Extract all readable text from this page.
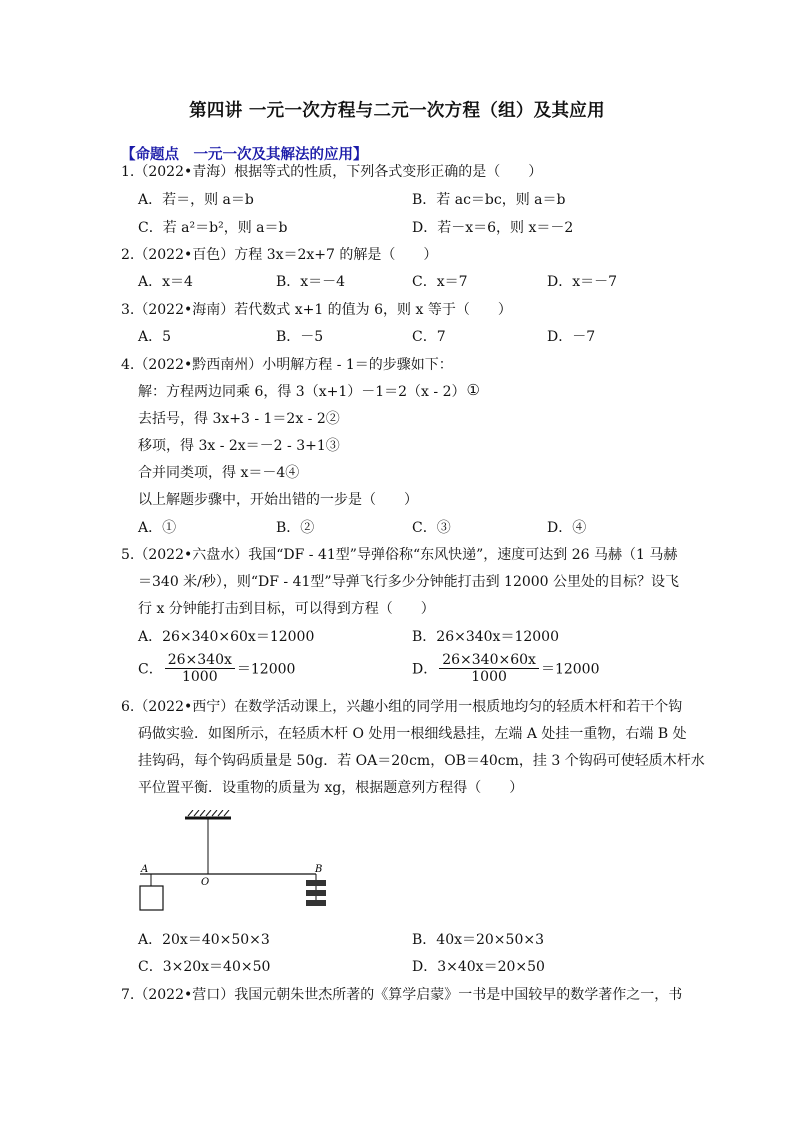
第四讲 一元一次方程与二元一次方程（组）及其应用
【命题点　一元一次及其解法的应用】
1.（2022•青海）根据等式的性质，下列各式变形正确的是（　　）
A．若＝，则 a＝b	B．若 ac＝bc，则 a＝b
C．若 a²＝b²，则 a＝b	D．若－x＝6，则 x＝－2
2.（2022•百色）方程 3x＝2x+7 的解是（　　）
A．x＝4	B．x＝－4	C．x＝7	D．x＝－7
3.（2022•海南）若代数式 x+1 的值为 6，则 x 等于（　　）
A．5	B．－5	C．7	D．－7
4.（2022•黔西南州）小明解方程 - 1＝的步骤如下：
解：方程两边同乘 6，得 3（x+1）－1＝2（x - 2）①
去括号，得 3x+3 - 1＝2x - 2②
移项，得 3x - 2x＝－2 - 3+1③
合并同类项，得 x＝－4④
以上解题步骤中，开始出错的一步是（　　）
A．①	B．②	C．③	D．④
5.（2022•六盘水）我国“DF - 41型”导弹俗称“东风快递”，速度可达到 26 马赫（1 马赫
＝340 米/秒），则“DF - 41型”导弹飞行多少分钟能打击到 12000 公里处的目标？设飞
行 x 分钟能打击到目标，可以得到方程（　　）
A．26×340×60x＝12000	B．26×340x＝12000
C． $\frac{26\times 340x}{1000} =12000$	D． $\frac{26\times 340\times 60x}{1000} =12000$
6.（2022•西宁）在数学活动课上，兴趣小组的同学用一根质地均匀的轻质木杆和若干个钩
码做实验．如图所示，在轻质木杆 O 处用一根细线悬挂，左端 A 处挂一重物，右端 B 处
挂钩码，每个钩码质量是 50g．若 OA＝20cm，OB＝40cm，挂 3 个钩码可使轻质木杆水
平位置平衡．设重物的质量为 xg，根据题意列方程得（　　）
A
O
B
A．20x＝40×50×3	B．40x＝20×50×3
C．3×20x＝40×50	D．3×40x＝20×50
7.（2022•营口）我国元朝朱世杰所著的《算学启蒙》一书是中国较早的数学著作之一，书
